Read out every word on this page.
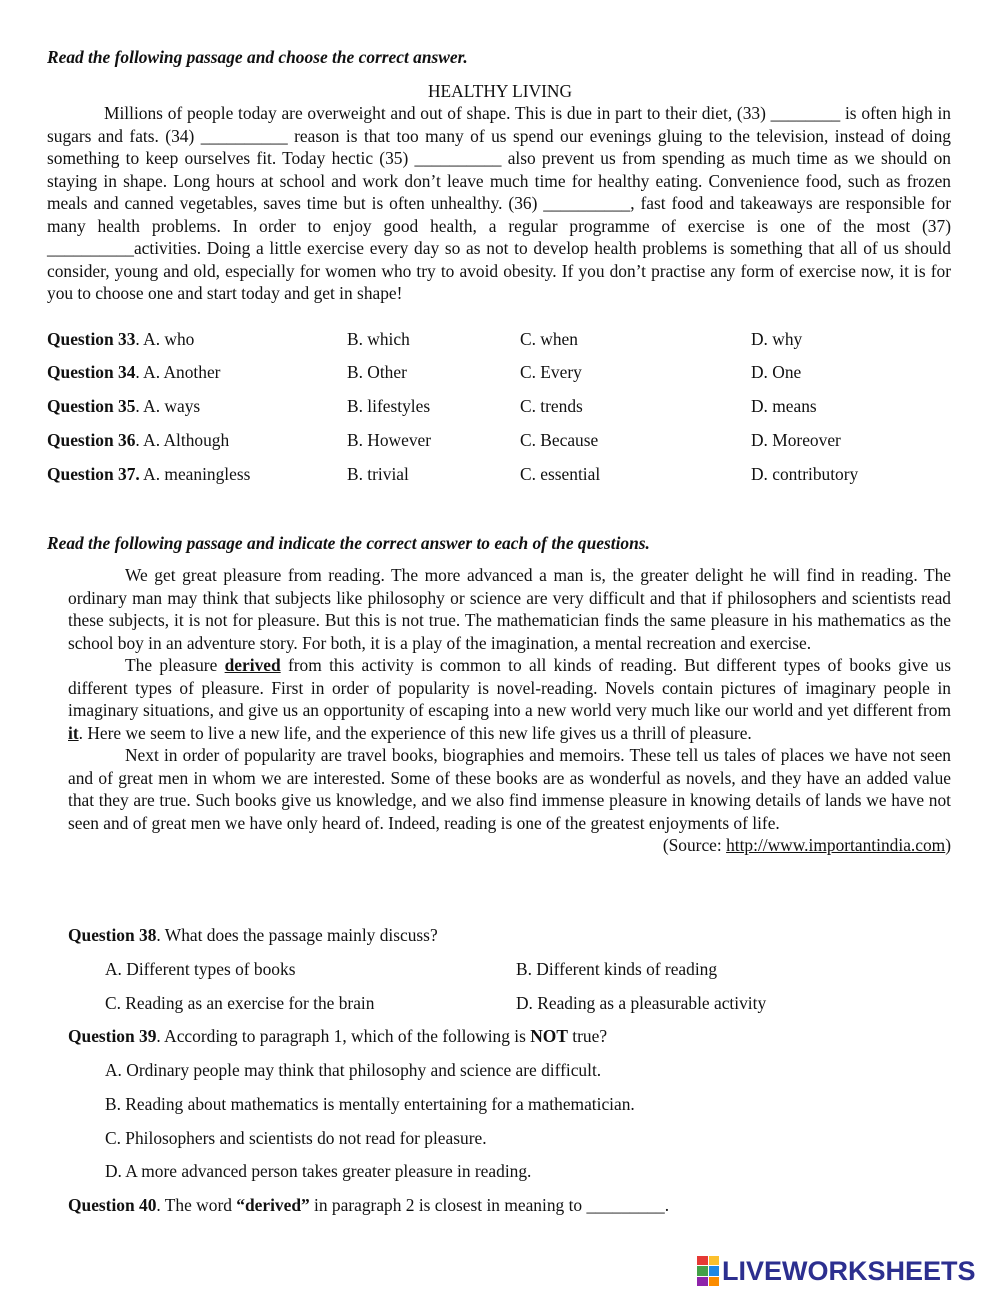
Read the following passage and choose the correct answer.
HEALTHY LIVING

Millions of people today are overweight and out of shape. This is due in part to their diet, (33) ________ is often high in sugars and fats. (34) __________ reason is that too many of us spend our evenings gluing to the television, instead of doing something to keep ourselves fit. Today hectic (35) __________ also prevent us from spending as much time as we should on staying in shape. Long hours at school and work don’t leave much time for healthy eating. Convenience food, such as frozen meals and canned vegetables, saves time but is often unhealthy. (36) __________, fast food and takeaways are responsible for many health problems. In order to enjoy good health, a regular programme of exercise is one of the most (37) __________activities. Doing a little exercise every day so as not to develop health problems is something that all of us should consider, young and old, especially for women who try to avoid obesity. If you don’t practise any form of exercise now, it is for you to choose one and start today and get in shape!

Question 33. A. who	B. which	C. when	D. why
Question 34. A. Another	B. Other	C. Every	D. One
Question 35. A. ways	B. lifestyles	C. trends	D. means
Question 36. A. Although	B. However	C. Because	D. Moreover
Question 37. A. meaningless	B. trivial	C. essential	D. contributory
Read the following passage and indicate the correct answer to each of the questions.

We get great pleasure from reading. The more advanced a man is, the greater delight he will find in reading. The ordinary man may think that subjects like philosophy or science are very difficult and that if philosophers and scientists read these subjects, it is not for pleasure. But this is not true. The mathematician finds the same pleasure in his mathematics as the school boy in an adventure story. For both, it is a play of the imagination, a mental recreation and exercise.

The pleasure derived from this activity is common to all kinds of reading. But different types of books give us different types of pleasure. First in order of popularity is novel-reading. Novels contain pictures of imaginary people in imaginary situations, and give us an opportunity of escaping into a new world very much like our world and yet different from it. Here we seem to live a new life, and the experience of this new life gives us a thrill of pleasure.

Next in order of popularity are travel books, biographies and memoirs. These tell us tales of places we have not seen and of great men in whom we are interested. Some of these books are as wonderful as novels, and they have an added value that they are true. Such books give us knowledge, and we also find immense pleasure in knowing details of lands we have not seen and of great men we have only heard of. Indeed, reading is one of the greatest enjoyments of life.

(Source: http://www.importantindia.com)

Question 38. What does the passage mainly discuss?
A. Different types of books	B. Different kinds of reading
C. Reading as an exercise for the brain	D. Reading as a pleasurable activity
Question 39. According to paragraph 1, which of the following is NOT true?
A. Ordinary people may think that philosophy and science are difficult.
B. Reading about mathematics is mentally entertaining for a mathematician.
C. Philosophers and scientists do not read for pleasure.
D. A more advanced person takes greater pleasure in reading.
Question 40. The word “derived” in paragraph 2 is closest in meaning to _________.
LIVEWORKSHEETS
